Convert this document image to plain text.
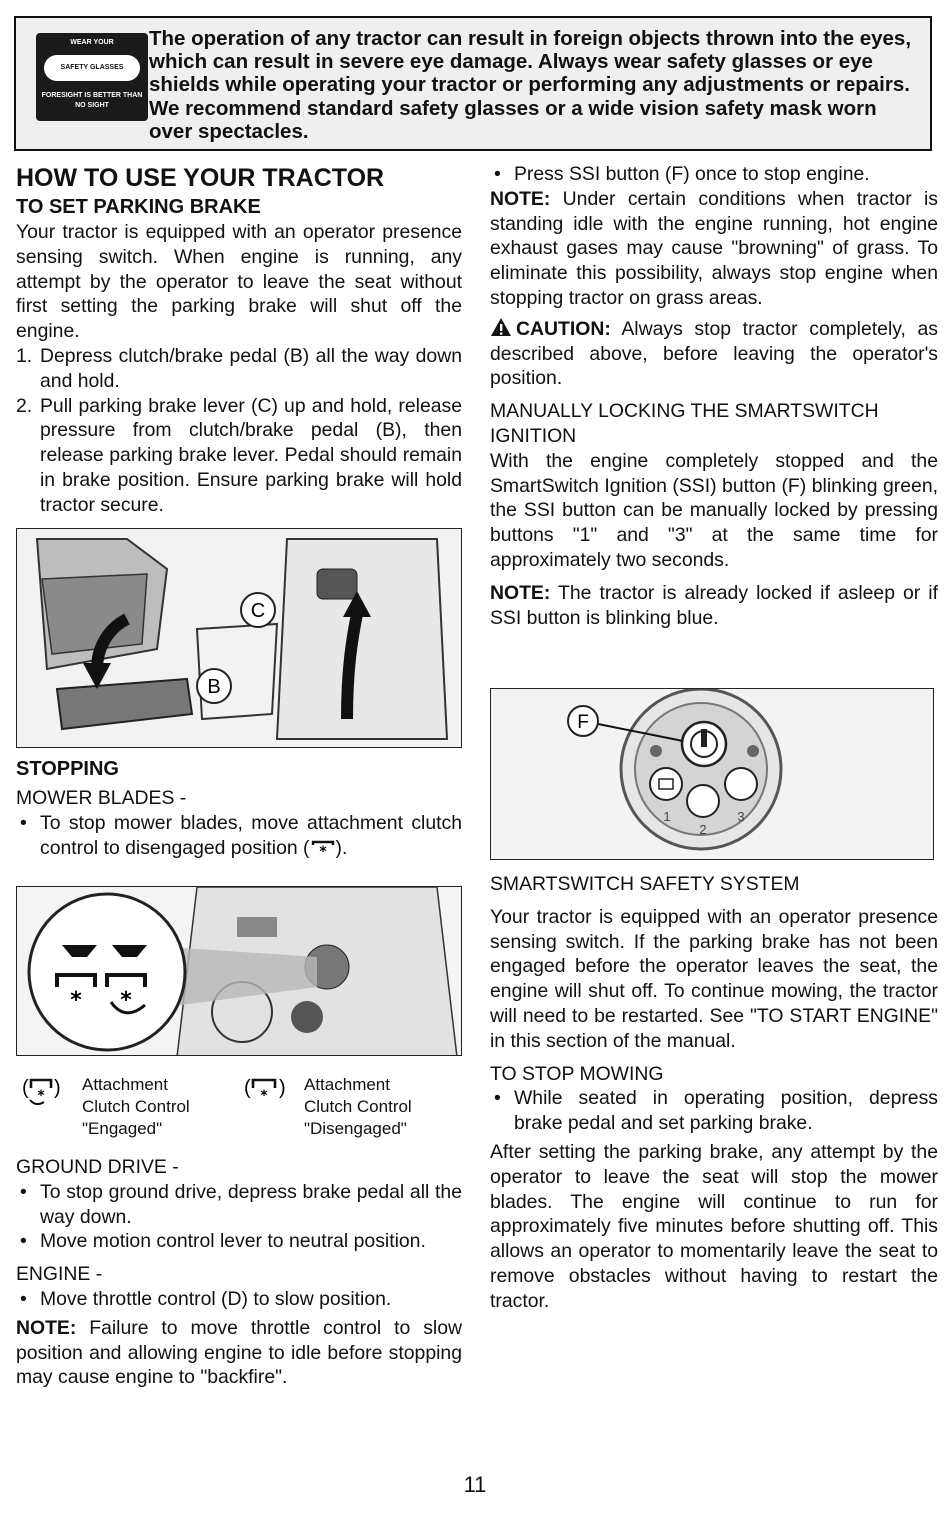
WEAR YOUR
SAFETY GLASSES
FORESIGHT IS BETTER THAN NO SIGHT
The operation of any tractor can result in foreign objects thrown into the eyes, which can result in severe eye damage. Always wear safety glasses or eye shields while operating your tractor or performing any adjustments or repairs. We recommend standard safety glasses or a wide vision safety mask worn over spectacles.
HOW TO USE YOUR TRACTOR
TO SET PARKING BRAKE

Your tractor is equipped with an operator presence sensing switch. When engine is running, any attempt by the operator to leave the seat without first setting the parking brake will shut off the engine.

1. Depress clutch/brake pedal (B) all the way down and hold.
2. Pull parking brake lever (C) up and hold, release pressure from clutch/brake pedal (B), then release parking brake lever. Pedal should remain in brake position. Ensure parking brake will hold tractor secure.
C
B
STOPPING

MOWER BLADES -

• To stop mower blades, move attachment clutch control to disengaged position ( * ).
* *
( * ) Attachment
Clutch Control
"Engaged"
( * ) Attachment
Clutch Control
"Disengaged"

GROUND DRIVE -

• To stop ground drive, depress brake pedal all the way down.
• Move motion control lever to neutral position.

ENGINE -

• Move throttle control (D) to slow position.

NOTE: Failure to move throttle control to slow position and allowing engine to idle before stopping may cause engine to "backfire".

• Press SSI button (F) once to stop engine.

NOTE: Under certain conditions when tractor is standing idle with the engine running, hot engine exhaust gases may cause "browning" of grass. To eliminate this possibility, always stop engine when stopping tractor on grass areas.

CAUTION: Always stop tractor completely, as described above, before leaving the operator's position.

MANUALLY LOCKING THE SMARTSWITCH IGNITION

With the engine completely stopped and the SmartSwitch Ignition (SSI) button (F) blinking green, the SSI button can be manually locked by pressing buttons "1" and "3" at the same time for approximately two seconds.

NOTE: The tractor is already locked if asleep or if SSI button is blinking blue.

F
1
2
3

SMARTSWITCH SAFETY SYSTEM

Your tractor is equipped with an operator presence sensing switch. If the parking brake has not been engaged before the operator leaves the seat, the engine will shut off. To continue mowing, the tractor will need to be restarted. See "TO START ENGINE" in this section of the manual.

TO STOP MOWING

• While seated in operating position, depress brake pedal and set parking brake.

After setting the parking brake, any attempt by the operator to leave the seat will stop the mower blades. The engine will continue to run for approximately five minutes before shutting off. This allows an operator to momentarily leave the seat to remove obstacles without having to restart the tractor.

11
